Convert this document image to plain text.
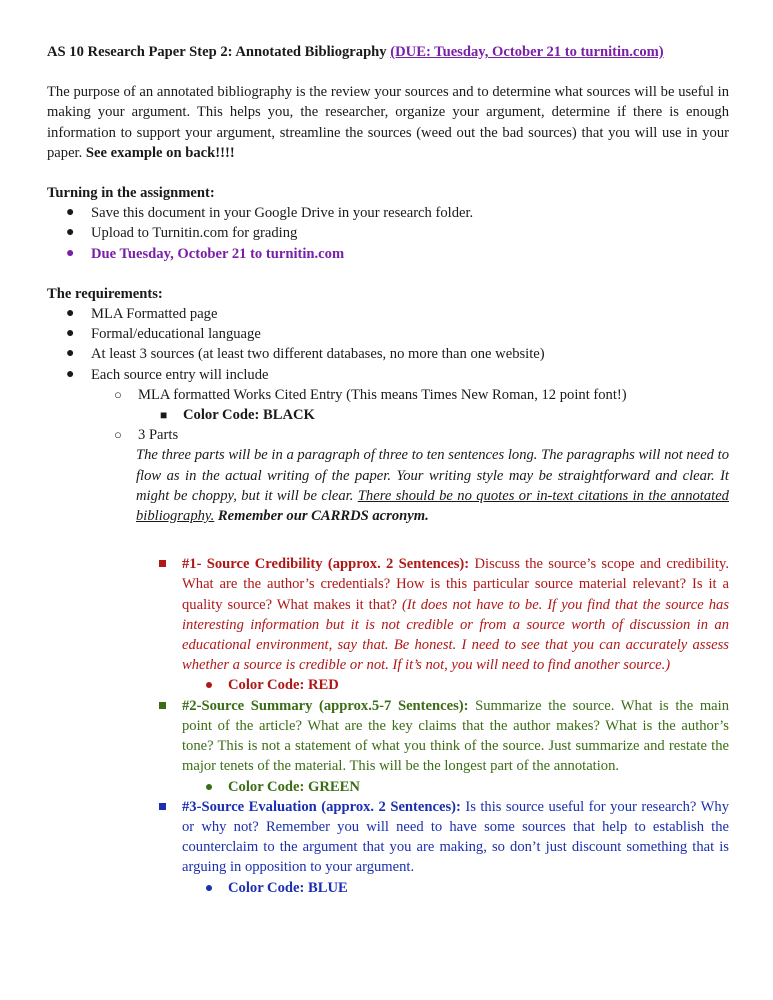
AS 10 Research Paper Step 2: Annotated Bibliography (DUE: Tuesday, October 21 to turnitin.com)

The purpose of an annotated bibliography is the review your sources and to determine what sources will be useful in making your argument. This helps you, the researcher, organize your argument, determine if there is enough information to support your argument, streamline the sources (weed out the bad sources) that you will use in your paper. See example on back!!!!

Turning in the assignment:

● Save this document in your Google Drive in your research folder.
● Upload to Turnitin.com for grading
● Due Tuesday, October 21 to turnitin.com

The requirements:

● MLA Formatted page
● Formal/educational language
● At least 3 sources (at least two different databases, no more than one website)
● Each source entry will include
○ MLA formatted Works Cited Entry (This means Times New Roman, 12 point font!)
■ Color Code: BLACK
○ 3 Parts

The three parts will be in a paragraph of three to ten sentences long. The paragraphs will not need to flow as in the actual writing of the paper. Your writing style may be straightforward and clear. It might be choppy, but it will be clear. There should be no quotes or in-text citations in the annotated bibliography. Remember our CARRDS acronym.

#1- Source Credibility (approx. 2 Sentences): Discuss the source’s scope and credibility. What are the author’s credentials? How is this particular source material relevant? Is it a quality source? What makes it that? (It does not have to be. If you find that the source has interesting information but it is not credible or from a source worth of discussion in an educational environment, say that. Be honest. I need to see that you can accurately assess whether a source is credible or not. If it’s not, you will need to find another source.)
Color Code: RED
#2-Source Summary (approx.5-7 Sentences): Summarize the source. What is the main point of the article? What are the key claims that the author makes? What is the author’s tone? This is not a statement of what you think of the source. Just summarize and restate the major tenets of the material. This will be the longest part of the annotation.
Color Code: GREEN
#3-Source Evaluation (approx. 2 Sentences): Is this source useful for your research? Why or why not? Remember you will need to have some sources that help to establish the counterclaim to the argument that you are making, so don’t just discount something that is arguing in opposition to your argument.
Color Code: BLUE
